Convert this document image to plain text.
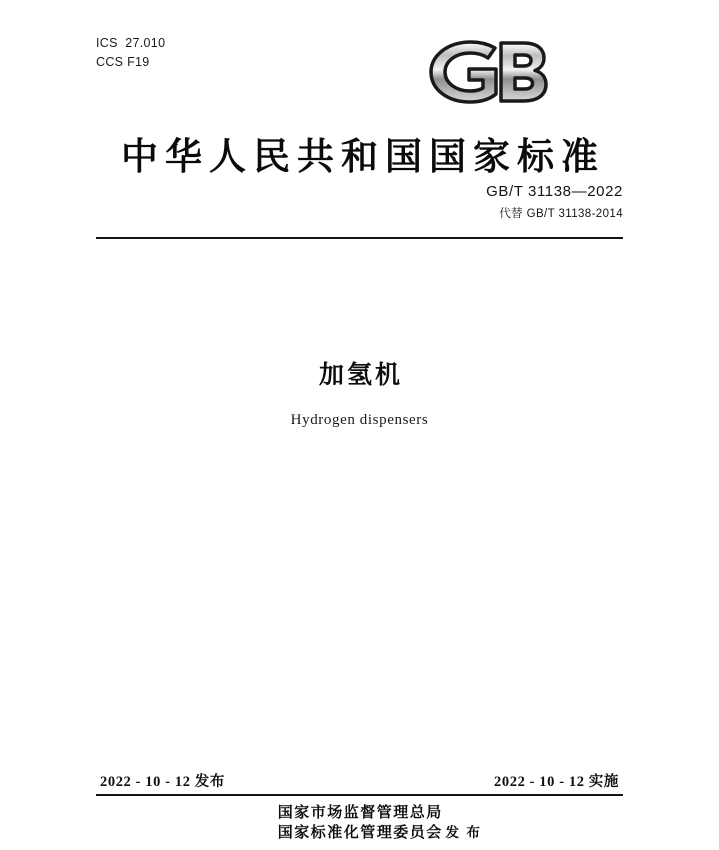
ICS  27.010
CCS F19
中华人民共和国国家标准
GB/T 31138—2022
代替 GB/T 31138-2014
加氢机
Hydrogen dispensers
2022 - 10 - 12 发布	2022 - 10 - 12 实施
国家市场监督管理总局
国家标准化管理委员会 发 布
